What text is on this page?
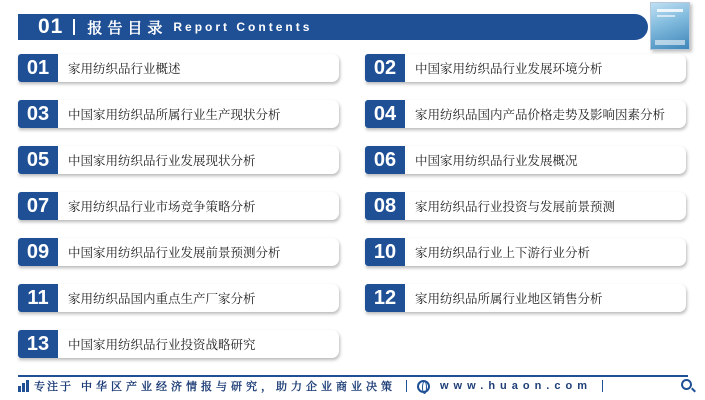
01 报告目录 Report Contents
01	家用纺织品行业概述	02	中国家用纺织品行业发展环境分析
03	中国家用纺织品所属行业生产现状分析	04	家用纺织品国内产品价格走势及影响因素分析
05	中国家用纺织品行业发展现状分析	06	中国家用纺织品行业发展概况
07	家用纺织品行业市场竞争策略分析	08	家用纺织品行业投资与发展前景预测
09	中国家用纺织品行业发展前景预测分析	10	家用纺织品行业上下游行业分析
11	家用纺织品国内重点生产厂家分析	12	家用纺织品所属行业地区销售分析
13	中国家用纺织品行业投资战略研究
专注于 中华区产业经济情报与研究，助力企业商业决策	www.huaon.com
